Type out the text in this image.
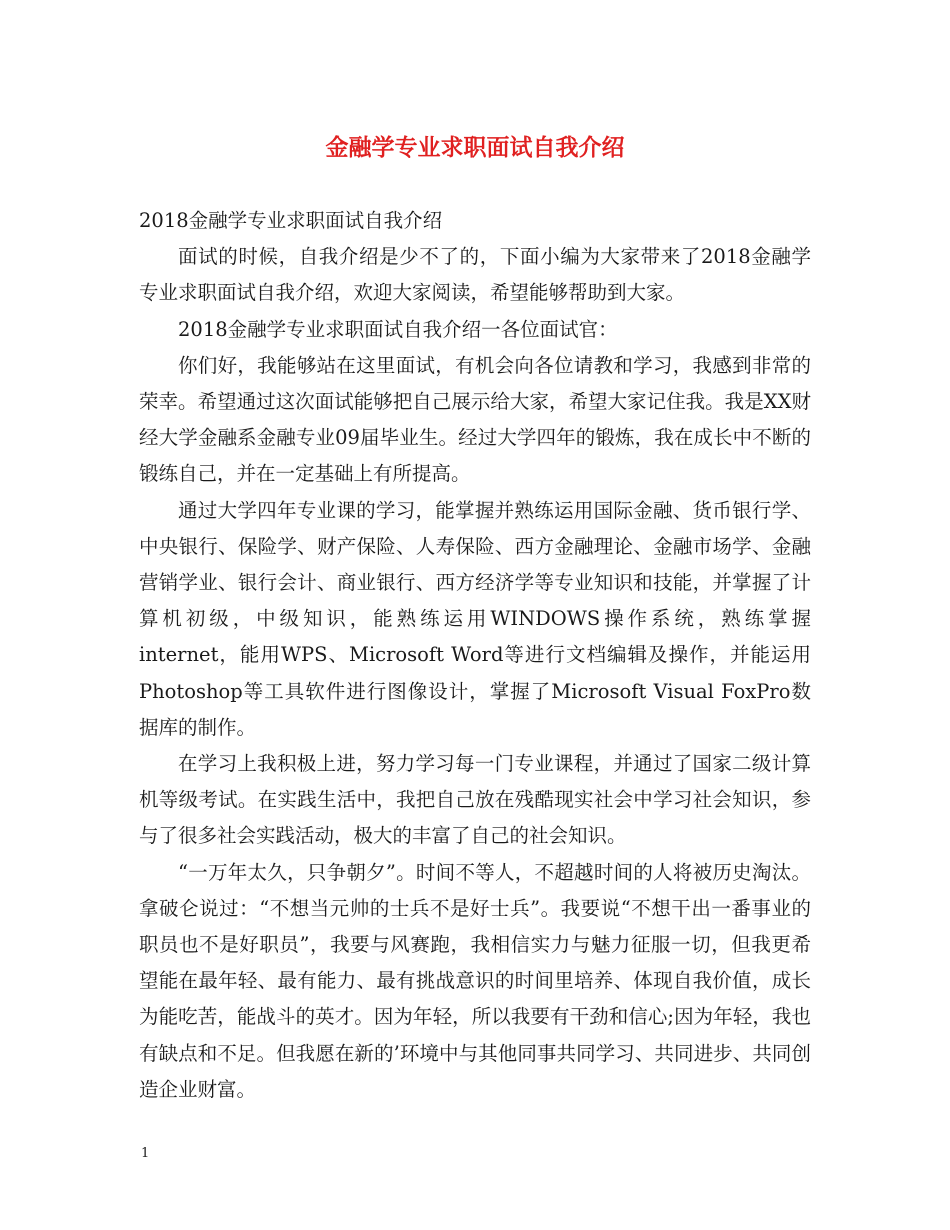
金融学专业求职面试自我介绍

2018金融学专业求职面试自我介绍

面试的时候，自我介绍是少不了的，下面小编为大家带来了2018金融学专业求职面试自我介绍，欢迎大家阅读，希望能够帮助到大家。

2018金融学专业求职面试自我介绍一各位面试官：

你们好，我能够站在这里面试，有机会向各位请教和学习，我感到非常的荣幸。希望通过这次面试能够把自己展示给大家，希望大家记住我。我是XX财经大学金融系金融专业09届毕业生。经过大学四年的锻炼，我在成长中不断的锻练自己，并在一定基础上有所提高。

通过大学四年专业课的学习，能掌握并熟练运用国际金融、货币银行学、中央银行、保险学、财产保险、人寿保险、西方金融理论、金融市场学、金融营销学业、银行会计、商业银行、西方经济学等专业知识和技能，并掌握了计算机初级，中级知识，能熟练运用WINDOWS操作系统，熟练掌握 internet，能用WPS、Microsoft Word等进行文档编辑及操作，并能运用Photoshop等工具软件进行图像设计，掌握了Microsoft Visual FoxPro数据库的制作。

在学习上我积极上进，努力学习每一门专业课程，并通过了国家二级计算机等级考试。在实践生活中，我把自己放在残酷现实社会中学习社会知识，参与了很多社会实践活动，极大的丰富了自己的社会知识。

“一万年太久，只争朝夕”。时间不等人，不超越时间的人将被历史淘汰。拿破仑说过：“不想当元帅的士兵不是好士兵”。我要说“不想干出一番事业的职员也不是好职员”，我要与风赛跑，我相信实力与魅力征服一切，但我更希望能在最年轻、最有能力、最有挑战意识的时间里培养、体现自我价值，成长为能吃苦，能战斗的英才。因为年轻，所以我要有干劲和信心;因为年轻，我也有缺点和不足。但我愿在新的’环境中与其他同事共同学习、共同进步、共同创造企业财富。

1
